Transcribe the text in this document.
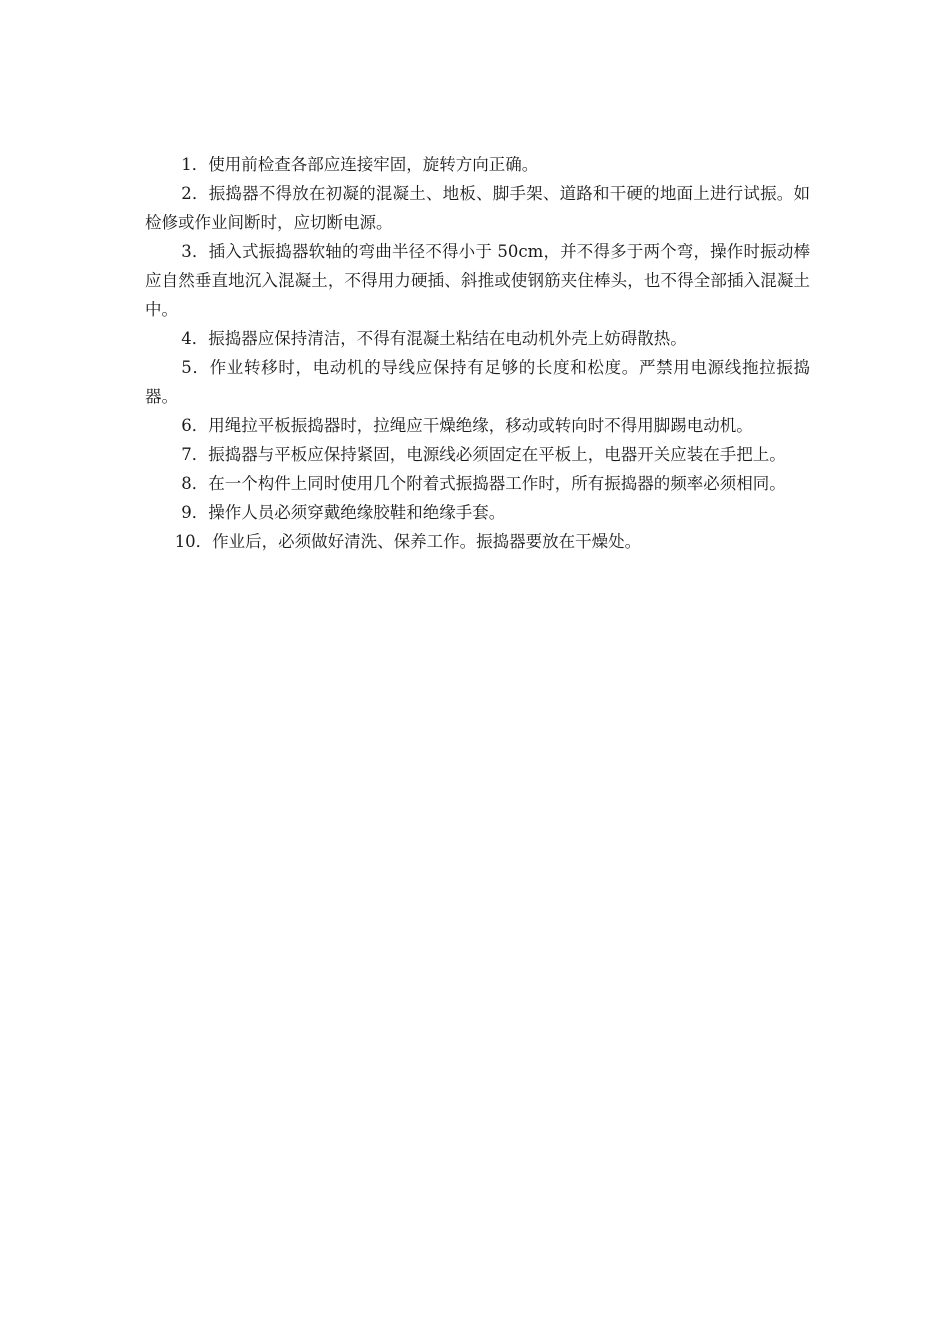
1．使用前检查各部应连接牢固，旋转方向正确。

2．振捣器不得放在初凝的混凝土、地板、脚手架、道路和干硬的地面上进行试振。如检修或作业间断时，应切断电源。

3．插入式振捣器软轴的弯曲半径不得小于 50cm，并不得多于两个弯，操作时振动棒应自然垂直地沉入混凝土，不得用力硬插、斜推或使钢筋夹住棒头，也不得全部插入混凝土中。

4．振捣器应保持清洁，不得有混凝土粘结在电动机外壳上妨碍散热。

5．作业转移时，电动机的导线应保持有足够的长度和松度。严禁用电源线拖拉振捣器。

6．用绳拉平板振捣器时，拉绳应干燥绝缘，移动或转向时不得用脚踢电动机。

7．振捣器与平板应保持紧固，电源线必须固定在平板上，电器开关应装在手把上。

8．在一个构件上同时使用几个附着式振捣器工作时，所有振捣器的频率必须相同。

9．操作人员必须穿戴绝缘胶鞋和绝缘手套。

10．作业后，必须做好清洗、保养工作。振捣器要放在干燥处。
